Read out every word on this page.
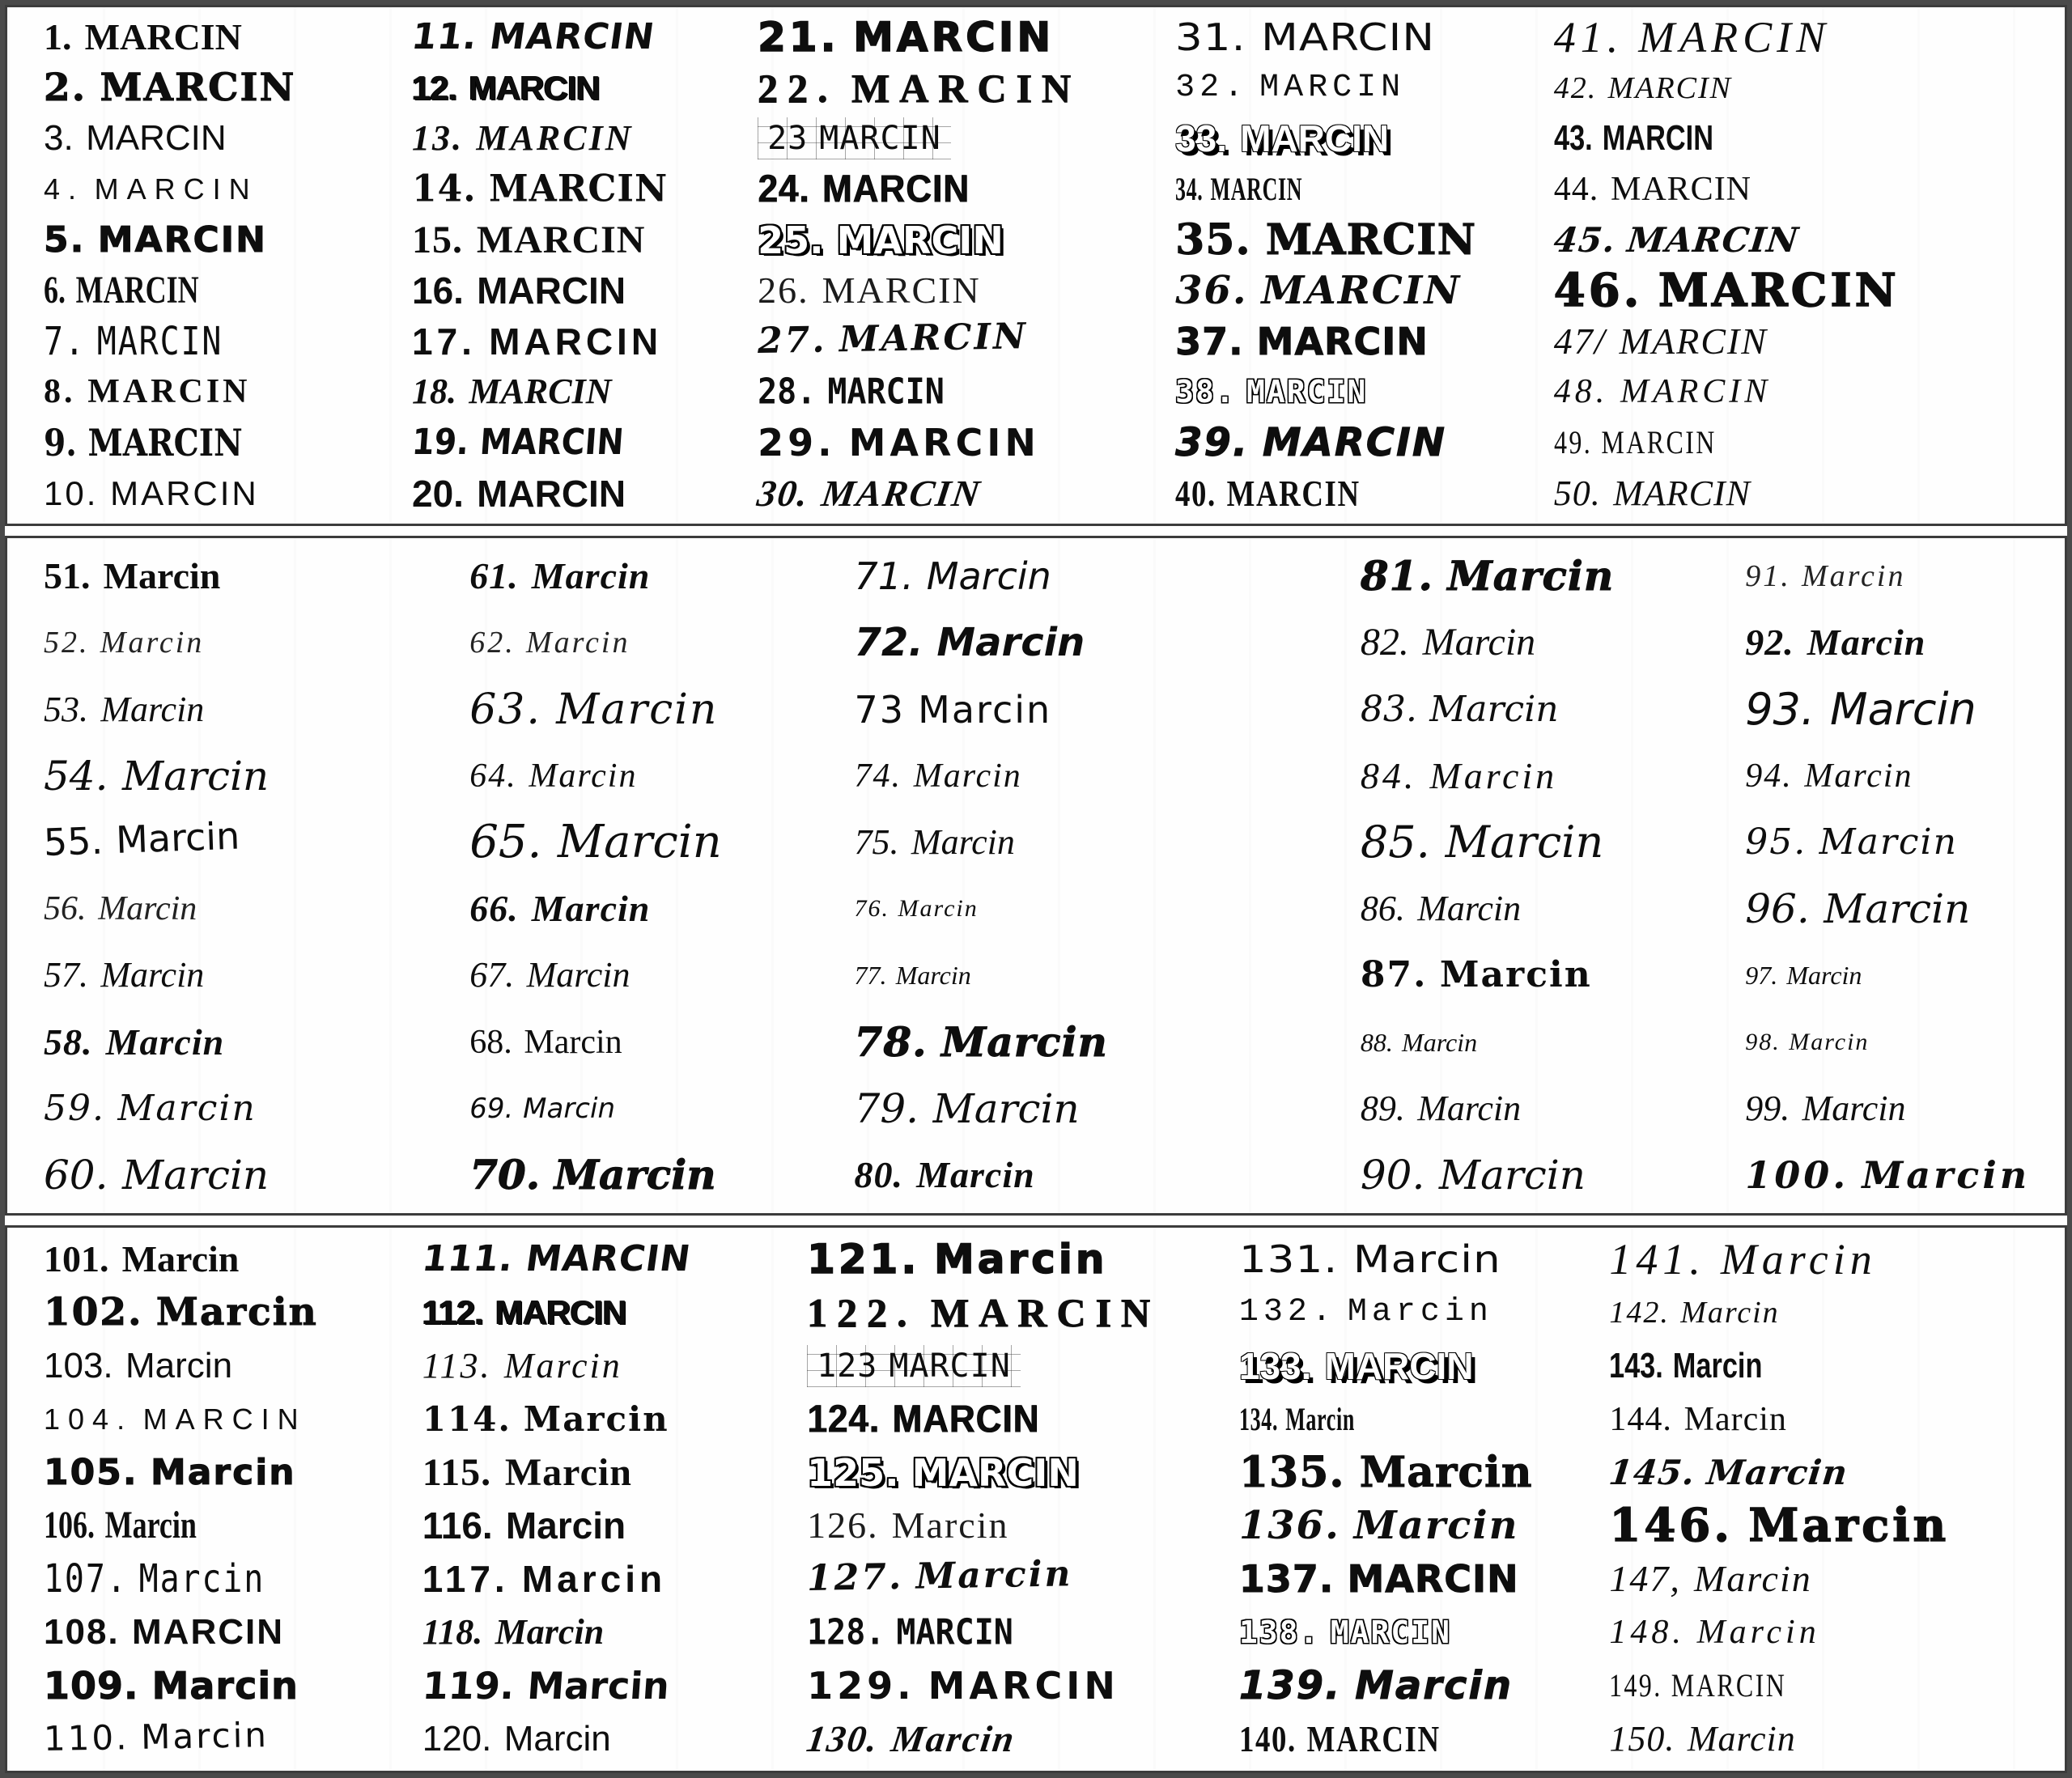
1. MARCIN
2. MARCIN
3. MARCIN
4. MARCIN
5. MARCIN
6. MARCIN
7. MARCIN
8. MARCIN
9. MARCIN
10. MARCIN
11. MARCIN
12. MARCIN
13. MARCIN
14. MARCIN
15. MARCIN
16. MARCIN
17. MARCIN
18. MARCIN
19. MARCIN
20. MARCIN
21. MARCIN
22. MARCIN
23 MARCIN
24. MARCIN
25. MARCIN
26. MARCIN
27. MARCIN
28. MARCIN
29. MARCIN
30. MARCIN
31. MARCIN
32. MARCIN
33. MARCIN
34. MARCIN
35. MARCIN
36. MARCIN
37. MARCIN
38. MARCIN
39. MARCIN
40. MARCIN
41. MARCIN
42. MARCIN
43. MARCIN
44. MARCIN
45. MARCIN
46. MARCIN
47/ MARCIN
48. MARCIN
49. MARCIN
50. MARCIN
51. Marcin
52. Marcin
53. Marcin
54. Marcin
55. Marcin
56. Marcin
57. Marcin
58. Marcin
59. Marcin
60. Marcin
61. Marcin
62. Marcin
63. Marcin
64. Marcin
65. Marcin
66. Marcin
67. Marcin
68. Marcin
69. Marcin
70. Marcin
71. Marcin
72. Marcin
73 Marcin
74. Marcin
75. Marcin
76. Marcin
77. Marcin
78. Marcin
79. Marcin
80. Marcin
81. Marcin
82. Marcin
83. Marcin
84. Marcin
85. Marcin
86. Marcin
87. Marcin
88. Marcin
89. Marcin
90. Marcin
91. Marcin
92. Marcin
93. Marcin
94. Marcin
95. Marcin
96. Marcin
97. Marcin
98. Marcin
99. Marcin
100. Marcin
101. Marcin
102. Marcin
103. Marcin
104. MARCIN
105. Marcin
106. Marcin
107. Marcin
108. MARCIN
109. Marcin
110. Marcin
111. MARCIN
112. MARCIN
113. Marcin
114. Marcin
115. Marcin
116. Marcin
117. Marcin
118. Marcin
119. Marcin
120. Marcin
121. Marcin
122. MARCIN
123 MARCIN
124. MARCIN
125. MARCIN
126. Marcin
127. Marcin
128. MARCIN
129. MARCIN
130. Marcin
131. Marcin
132. Marcin
133. MARCIN
134. Marcin
135. Marcin
136. Marcin
137. MARCIN
138. MARCIN
139. Marcin
140. MARCIN
141. Marcin
142. Marcin
143. Marcin
144. Marcin
145. Marcin
146. Marcin
147, Marcin
148. Marcin
149. MARCIN
150. Marcin
